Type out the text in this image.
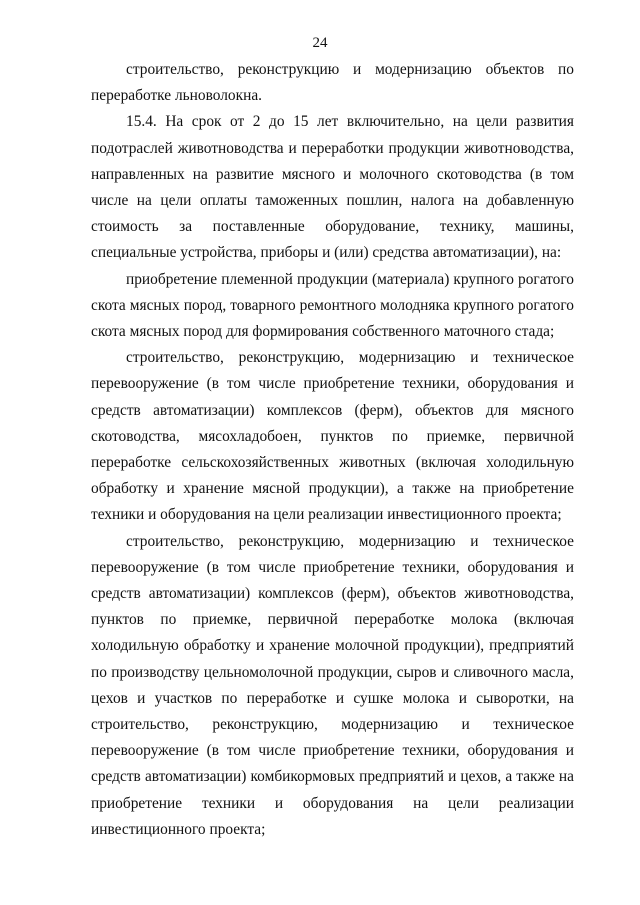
24

строительство, реконструкцию и модернизацию объектов по переработке льноволокна.

15.4. На срок от 2 до 15 лет включительно, на цели развития подотраслей животноводства и переработки продукции животноводства, направленных на развитие мясного и молочного скотоводства (в том числе на цели оплаты таможенных пошлин, налога на добавленную стоимость за поставленные оборудование, технику, машины, специальные устройства, приборы и (или) средства автоматизации), на:

приобретение племенной продукции (материала) крупного рогатого скота мясных пород, товарного ремонтного молодняка крупного рогатого скота мясных пород для формирования собственного маточного стада;

строительство, реконструкцию, модернизацию и техническое перевооружение (в том числе приобретение техники, оборудования и средств автоматизации) комплексов (ферм), объектов для мясного скотоводства, мясохладобоен, пунктов по приемке, первичной переработке сельскохозяйственных животных (включая холодильную обработку и хранение мясной продукции), а также на приобретение техники и оборудования на цели реализации инвестиционного проекта;

строительство, реконструкцию, модернизацию и техническое перевооружение (в том числе приобретение техники, оборудования и средств автоматизации) комплексов (ферм), объектов животноводства, пунктов по приемке, первичной переработке молока (включая холодильную обработку и хранение молочной продукции), предприятий по производству цельномолочной продукции, сыров и сливочного масла, цехов и участков по переработке и сушке молока и сыворотки, на строительство, реконструкцию, модернизацию и техническое перевооружение (в том числе приобретение техники, оборудования и средств автоматизации) комбикормовых предприятий и цехов, а также на приобретение техники и оборудования на цели реализации инвестиционного проекта;
